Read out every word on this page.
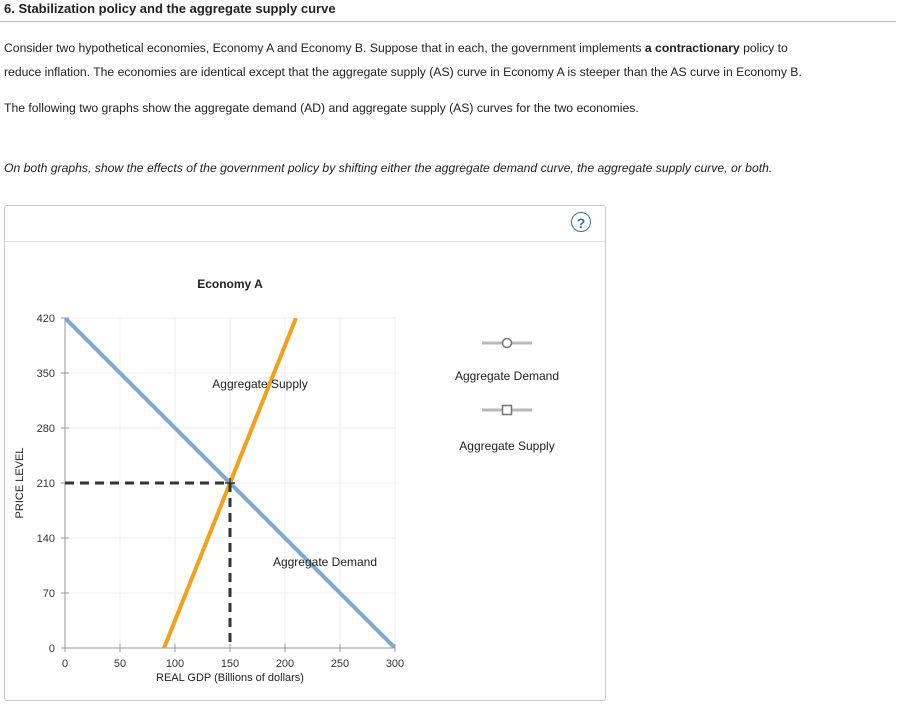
6. Stabilization policy and the aggregate supply curve
Consider two hypothetical economies, Economy A and Economy B. Suppose that in each, the government implements a contractionary policy to
reduce inflation. The economies are identical except that the aggregate supply (AS) curve in Economy A is steeper than the AS curve in Economy B.
The following two graphs show the aggregate demand (AD) and aggregate supply (AS) curves for the two economies.
On both graphs, show the effects of the government policy by shifting either the aggregate demand curve, the aggregate supply curve, or both.
?
0	50	100	150	200	250	300
0
70
140
210
280
350
420
Economy A
REAL GDP (Billions of dollars)
PRICE LEVEL
Aggregate Supply
Aggregate Demand
Aggregate Demand
Aggregate Supply
